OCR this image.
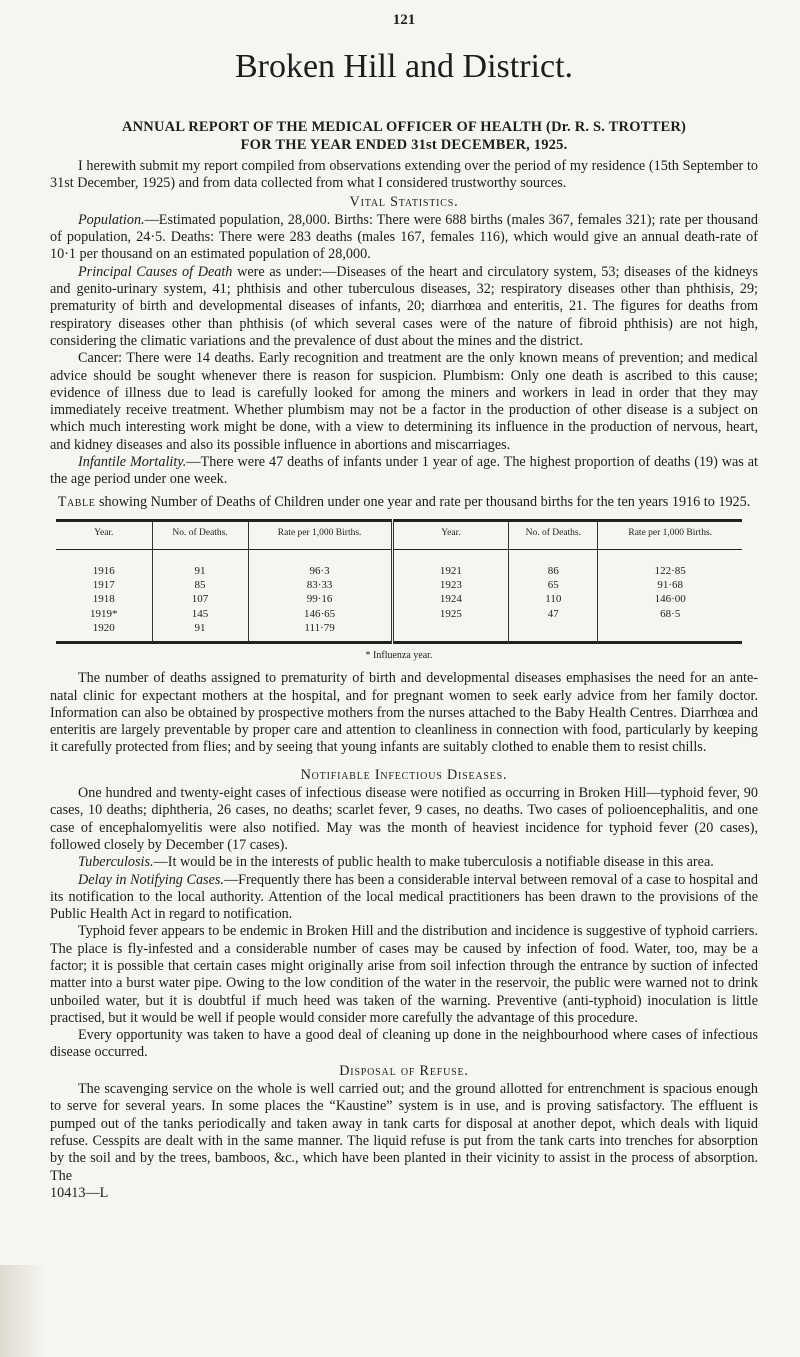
121
Broken Hill and District.
ANNUAL REPORT OF THE MEDICAL OFFICER OF HEALTH (Dr. R. S. TROTTER)
FOR THE YEAR ENDED 31st DECEMBER, 1925.

I herewith submit my report compiled from observations extending over the period of my residence (15th September to 31st December, 1925) and from data collected from what I considered trustworthy sources.

Vital Statistics.

Population.—Estimated population, 28,000. Births: There were 688 births (males 367, females 321); rate per thousand of population, 24·5. Deaths: There were 283 deaths (males 167, females 116), which would give an annual death-rate of 10·1 per thousand on an estimated population of 28,000.

Principal Causes of Death were as under:—Diseases of the heart and circulatory system, 53; diseases of the kidneys and genito-urinary system, 41; phthisis and other tuberculous diseases, 32; respiratory diseases other than phthisis, 29; prematurity of birth and developmental diseases of infants, 20; diarrhœa and enteritis, 21. The figures for deaths from respiratory diseases other than phthisis (of which several cases were of the nature of fibroid phthisis) are not high, considering the climatic variations and the prevalence of dust about the mines and the district.

Cancer: There were 14 deaths. Early recognition and treatment are the only known means of prevention; and medical advice should be sought whenever there is reason for suspicion. Plumbism: Only one death is ascribed to this cause; evidence of illness due to lead is carefully looked for among the miners and workers in lead in order that they may immediately receive treatment. Whether plumbism may not be a factor in the production of other disease is a subject on which much interesting work might be done, with a view to determining its influence in the production of nervous, heart, and kidney diseases and also its possible influence in abortions and miscarriages.

Infantile Mortality.—There were 47 deaths of infants under 1 year of age. The highest proportion of deaths (19) was at the age period under one week.

Table showing Number of Deaths of Children under one year and rate per thousand births for the ten years 1916 to 1925.

Year.	No. of Deaths.	Rate per 1,000 Births.	Year.	No. of Deaths.	Rate per 1,000 Births.
1916	91	96·3	1921	86	122·85
1917	85	83·33	1923	65	91·68
1918	107	99·16	1924	110	146·00
1919*	145	146·65	1925	47	68·5
1920	91	111·79			
* Influenza year.

The number of deaths assigned to prematurity of birth and developmental diseases emphasises the need for an ante-natal clinic for expectant mothers at the hospital, and for pregnant women to seek early advice from her family doctor. Information can also be obtained by prospective mothers from the nurses attached to the Baby Health Centres. Diarrhœa and enteritis are largely preventable by proper care and attention to cleanliness in connection with food, particularly by keeping it carefully protected from flies; and by seeing that young infants are suitably clothed to enable them to resist chills.

Notifiable Infectious Diseases.

One hundred and twenty-eight cases of infectious disease were notified as occurring in Broken Hill—typhoid fever, 90 cases, 10 deaths; diphtheria, 26 cases, no deaths; scarlet fever, 9 cases, no deaths. Two cases of polioencephalitis, and one case of encephalomyelitis were also notified. May was the month of heaviest incidence for typhoid fever (20 cases), followed closely by December (17 cases).

Tuberculosis.—It would be in the interests of public health to make tuberculosis a notifiable disease in this area.

Delay in Notifying Cases.—Frequently there has been a considerable interval between removal of a case to hospital and its notification to the local authority. Attention of the local medical practitioners has been drawn to the provisions of the Public Health Act in regard to notification.

Typhoid fever appears to be endemic in Broken Hill and the distribution and incidence is suggestive of typhoid carriers. The place is fly-infested and a considerable number of cases may be caused by infection of food. Water, too, may be a factor; it is possible that certain cases might originally arise from soil infection through the entrance by suction of infected matter into a burst water pipe. Owing to the low condition of the water in the reservoir, the public were warned not to drink unboiled water, but it is doubtful if much heed was taken of the warning. Preventive (anti-typhoid) inoculation is little practised, but it would be well if people would consider more carefully the advantage of this procedure.

Every opportunity was taken to have a good deal of cleaning up done in the neighbourhood where cases of infectious disease occurred.

Disposal of Refuse.

The scavenging service on the whole is well carried out; and the ground allotted for entrenchment is spacious enough to serve for several years. In some places the “Kaustine” system is in use, and is proving satisfactory. The effluent is pumped out of the tanks periodically and taken away in tank carts for disposal at another depot, which deals with liquid refuse. Cesspits are dealt with in the same manner. The liquid refuse is put from the tank carts into trenches for absorption by the soil and by the trees, bamboos, &c., which have been planted in their vicinity to assist in the process of absorption. The

10413—L
